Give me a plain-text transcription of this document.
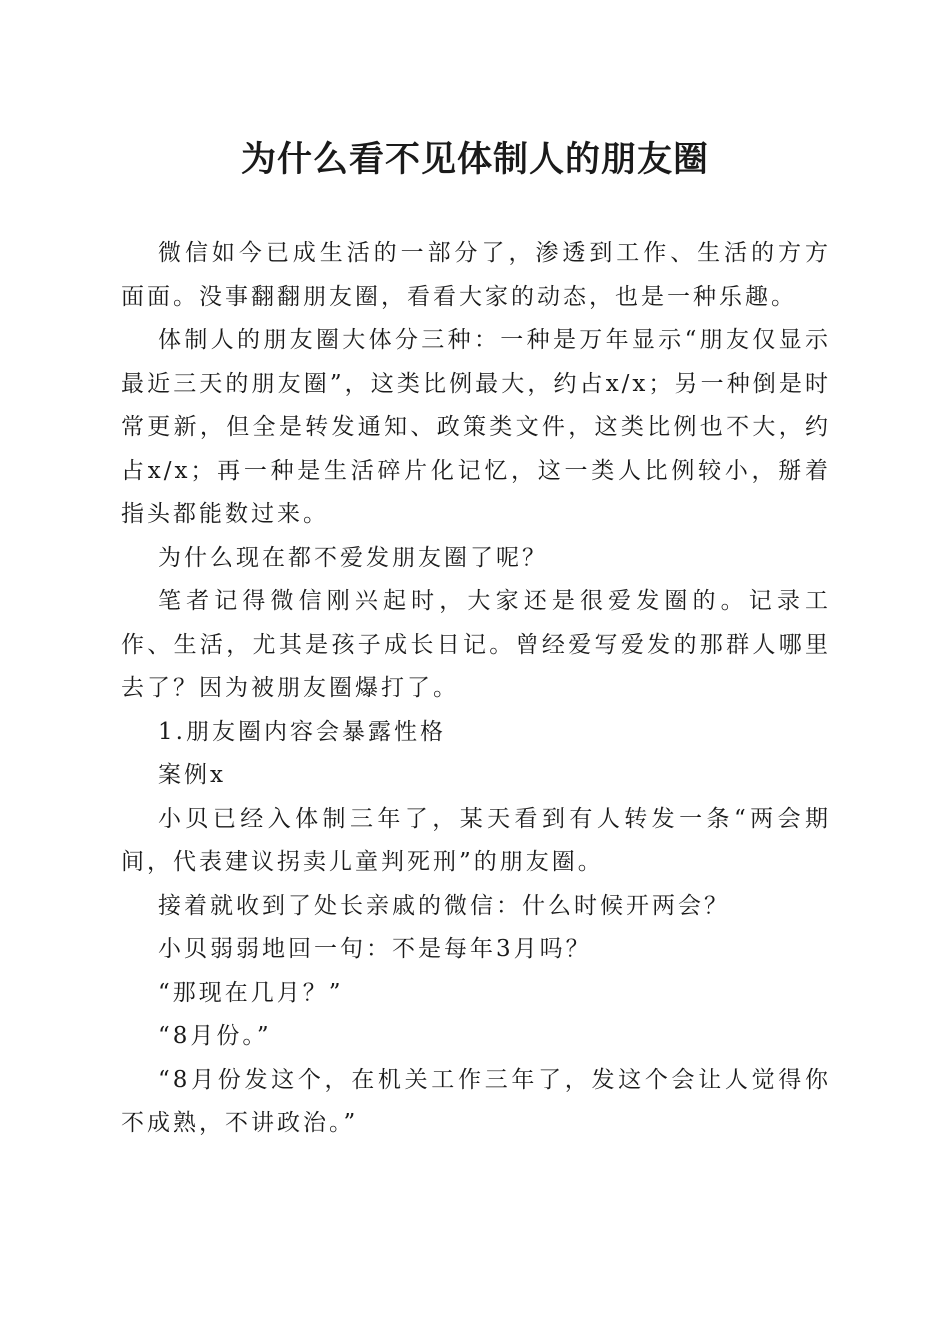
为什么看不见体制人的朋友圈

微信如今已成生活的一部分了，渗透到工作、生活的方方面面。没事翻翻朋友圈，看看大家的动态，也是一种乐趣。

体制人的朋友圈大体分三种：一种是万年显示“朋友仅显示最近三天的朋友圈”，这类比例最大，约占x/x；另一种倒是时常更新，但全是转发通知、政策类文件，这类比例也不大，约占x/x；再一种是生活碎片化记忆，这一类人比例较小，掰着指头都能数过来。

为什么现在都不爱发朋友圈了呢？

笔者记得微信刚兴起时，大家还是很爱发圈的。记录工作、生活，尤其是孩子成长日记。曾经爱写爱发的那群人哪里去了？因为被朋友圈爆打了。

1.朋友圈内容会暴露性格

案例x

小贝已经入体制三年了，某天看到有人转发一条“两会期间，代表建议拐卖儿童判死刑”的朋友圈。

接着就收到了处长亲戚的微信：什么时候开两会？

小贝弱弱地回一句：不是每年3月吗？

“那现在几月？”

“8月份。”

“8月份发这个，在机关工作三年了，发这个会让人觉得你不成熟，不讲政治。”
